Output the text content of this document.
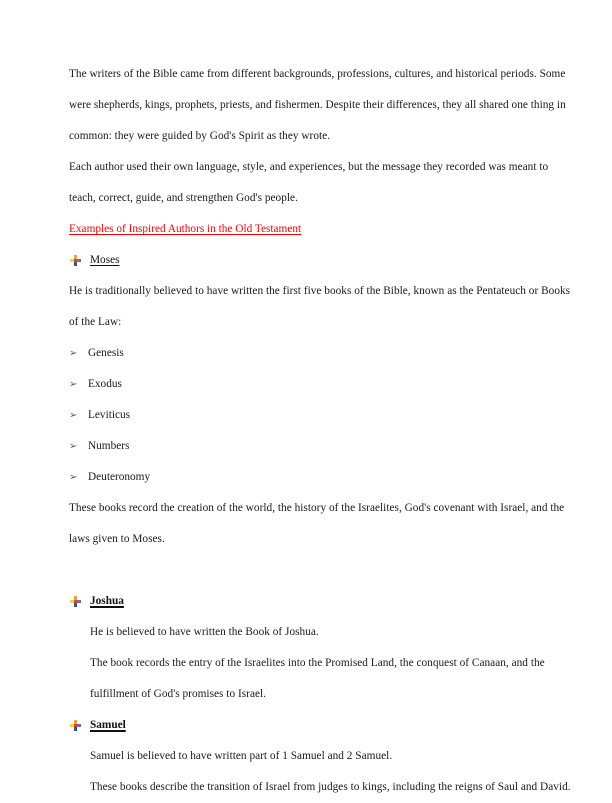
The writers of the Bible came from different backgrounds, professions, cultures, and historical periods. Some were shepherds, kings, prophets, priests, and fishermen. Despite their differences, they all shared one thing in common: they were guided by God's Spirit as they wrote.

Each author used their own language, style, and experiences, but the message they recorded was meant to teach, correct, guide, and strengthen God's people.

Examples of Inspired Authors in the Old Testament
Moses

He is traditionally believed to have written the first five books of the Bible, known as the Pentateuch or Books of the Law:

➢ Genesis
➢ Exodus
➢ Leviticus
➢ Numbers
➢ Deuteronomy

These books record the creation of the world, the history of the Israelites, God's covenant with Israel, and the laws given to Moses.

Joshua

He is believed to have written the Book of Joshua.

The book records the entry of the Israelites into the Promised Land, the conquest of Canaan, and the fulfillment of God's promises to Israel.

Samuel

Samuel is believed to have written part of 1 Samuel and 2 Samuel.

These books describe the transition of Israel from judges to kings, including the reigns of Saul and David.
